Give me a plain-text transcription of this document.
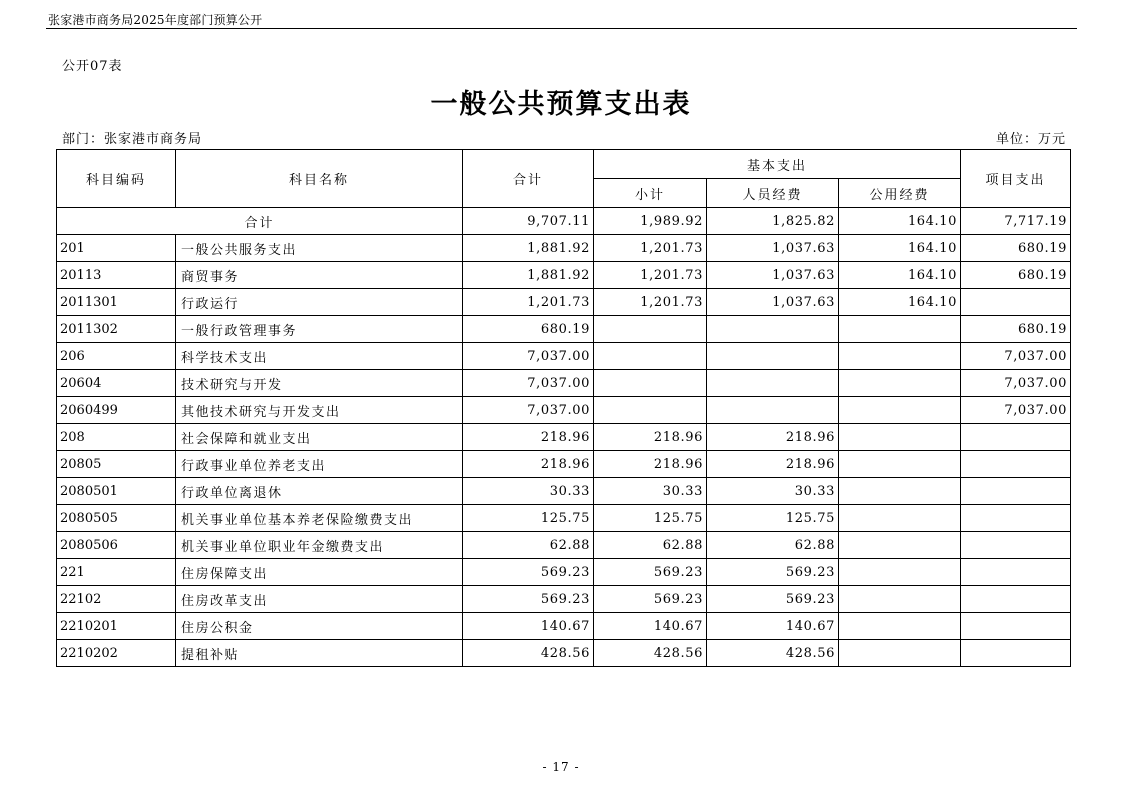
张家港市商务局2025年度部门预算公开
公开07表
一般公共预算支出表
部门：张家港市商务局	单位：万元
科目编码	科目名称	合计	基本支出			项目支出
			小计	人员经费	公用经费	
合计		9,707.11	1,989.92	1,825.82	164.10	7,717.19
201	一般公共服务支出	1,881.92	1,201.73	1,037.63	164.10	680.19
20113	商贸事务	1,881.92	1,201.73	1,037.63	164.10	680.19
2011301	行政运行	1,201.73	1,201.73	1,037.63	164.10	
2011302	一般行政管理事务	680.19				680.19
206	科学技术支出	7,037.00				7,037.00
20604	技术研究与开发	7,037.00				7,037.00
2060499	其他技术研究与开发支出	7,037.00				7,037.00
208	社会保障和就业支出	218.96	218.96	218.96		
20805	行政事业单位养老支出	218.96	218.96	218.96		
2080501	行政单位离退休	30.33	30.33	30.33		
2080505	机关事业单位基本养老保险缴费支出	125.75	125.75	125.75		
2080506	机关事业单位职业年金缴费支出	62.88	62.88	62.88		
221	住房保障支出	569.23	569.23	569.23		
22102	住房改革支出	569.23	569.23	569.23		
2210201	住房公积金	140.67	140.67	140.67		
2210202	提租补贴	428.56	428.56	428.56		
- 17 -
